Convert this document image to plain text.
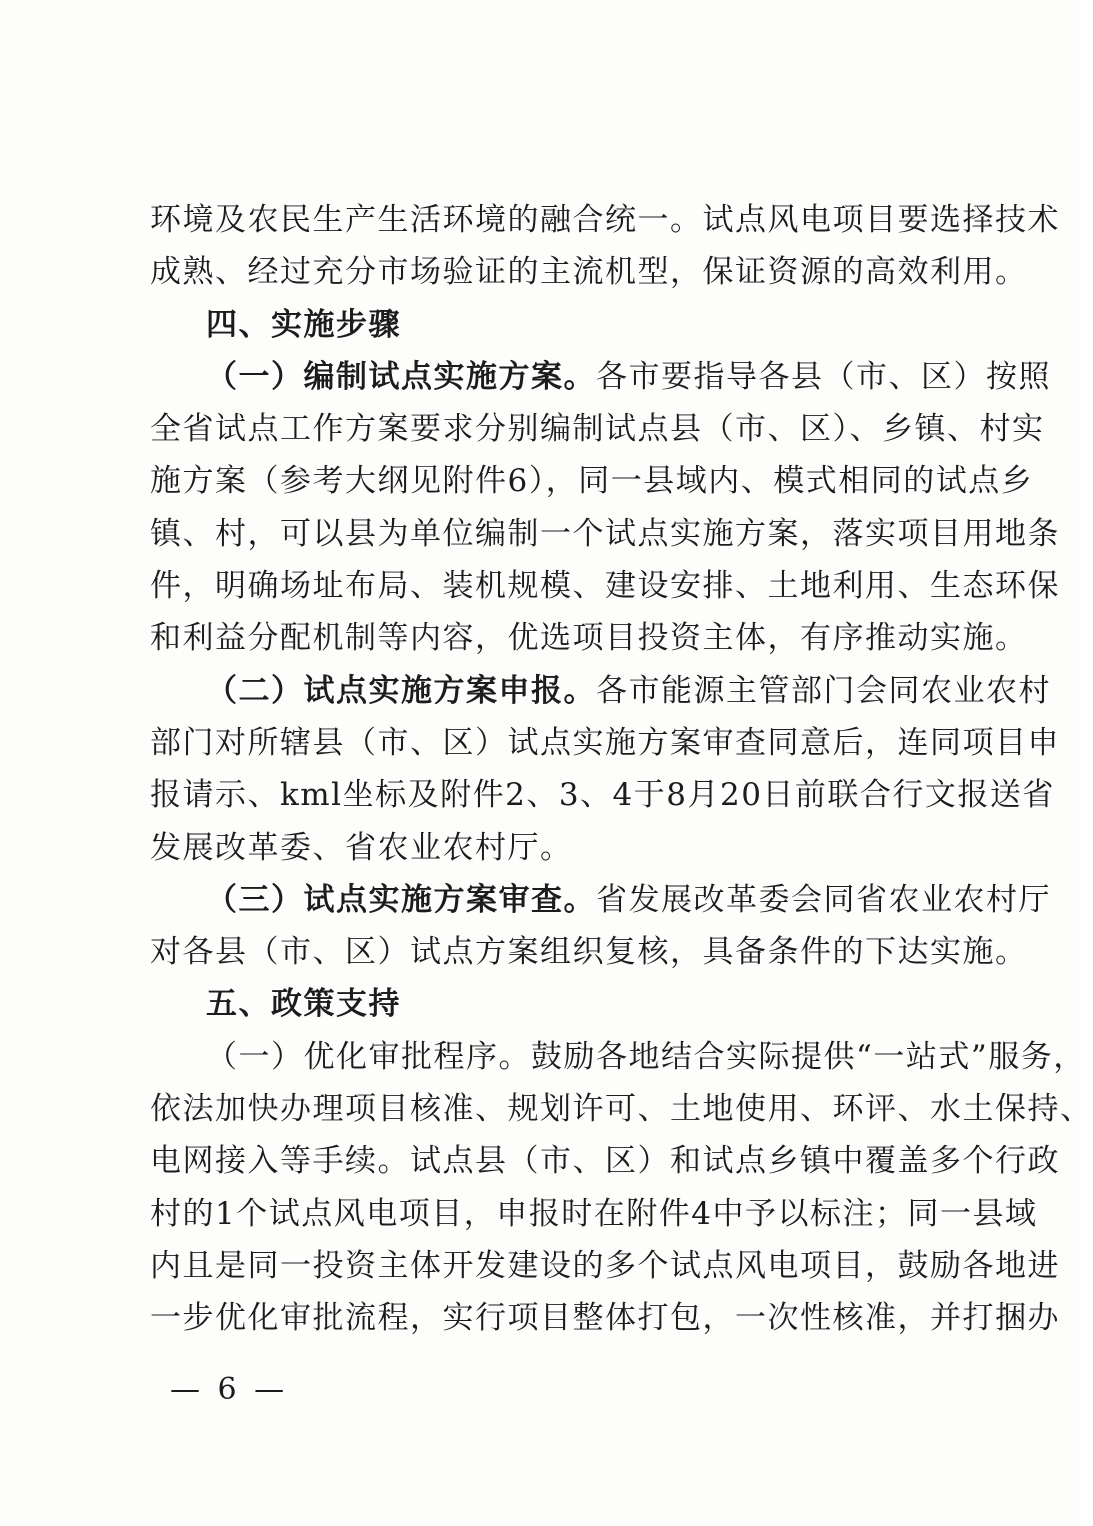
环境及农民生产生活环境的融合统一。试点风电项目要选择技术
成熟、经过充分市场验证的主流机型，保证资源的高效利用。
四、实施步骤
（一）编制试点实施方案。各市要指导各县（市、区）按照
全省试点工作方案要求分别编制试点县（市、区）、乡镇、村实
施方案（参考大纲见附件6），同一县域内、模式相同的试点乡
镇、村，可以县为单位编制一个试点实施方案，落实项目用地条
件，明确场址布局、装机规模、建设安排、土地利用、生态环保
和利益分配机制等内容，优选项目投资主体，有序推动实施。
（二）试点实施方案申报。各市能源主管部门会同农业农村
部门对所辖县（市、区）试点实施方案审查同意后，连同项目申
报请示、kml坐标及附件2、3、4于8月20日前联合行文报送省
发展改革委、省农业农村厅。
（三）试点实施方案审查。省发展改革委会同省农业农村厅
对各县（市、区）试点方案组织复核，具备条件的下达实施。
五、政策支持
（一）优化审批程序。鼓励各地结合实际提供“一站式”服务，
依法加快办理项目核准、规划许可、土地使用、环评、水土保持、
电网接入等手续。试点县（市、区）和试点乡镇中覆盖多个行政
村的1个试点风电项目，申报时在附件4中予以标注；同一县域
内且是同一投资主体开发建设的多个试点风电项目，鼓励各地进
一步优化审批流程，实行项目整体打包，一次性核准，并打捆办
— 6 —
